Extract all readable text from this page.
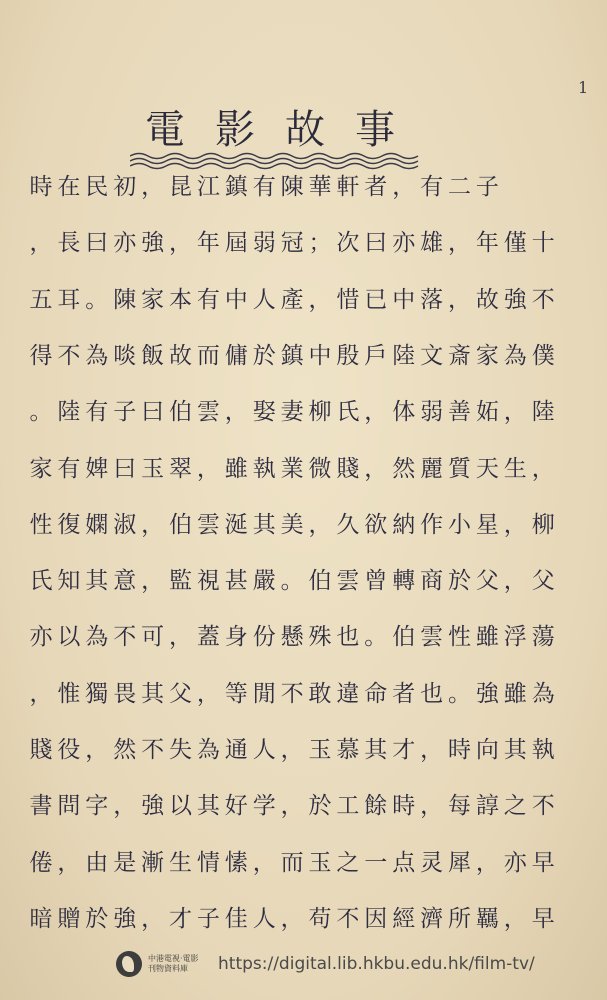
1
電 影 故 事
時 在 民 初 ， 昆 江 鎮 有 陳 華 軒 者 ， 有 二 子
， 長 曰 亦 強 ， 年 屆 弱 冠 ； 次 曰 亦 雄 ， 年 僅 十
五 耳 。 陳 家 本 有 中 人 產 ， 惜 已 中 落 ， 故 強 不
得 不 為 啖 飯 故 而 傭 於 鎮 中 殷 戶 陸 文 斎 家 為 僕
。 陸 有 子 曰 伯 雲 ， 娶 妻 柳 氏 ， 体 弱 善 妬 ， 陸
家 有 婢 曰 玉 翠 ， 雖 執 業 微 賤 ， 然 麗 質 天 生 ，
性 復 嫻 淑 ， 伯 雲 涎 其 美 ， 久 欲 納 作 小 星 ， 柳
氏 知 其 意 ， 監 視 甚 嚴 。 伯 雲 曾 轉 商 於 父 ， 父
亦 以 為 不 可 ， 蓋 身 份 懸 殊 也 。 伯 雲 性 雖 浮 蕩
， 惟 獨 畏 其 父 ， 等 閒 不 敢 違 命 者 也 。 強 雖 為
賤 役 ， 然 不 失 為 通 人 ， 玉 慕 其 才 ， 時 向 其 執
書 問 字 ， 強 以 其 好 学 ， 於 工 餘 時 ， 每 諄 之 不
倦 ， 由 是 漸 生 情 愫 ， 而 玉 之 一 点 灵 犀 ， 亦 早
暗 贈 於 強 ， 才 子 佳 人 ， 苟 不 因 經 濟 所 羈 ， 早
中港電視·電影
刊物資料庫	https://digital.lib.hkbu.edu.hk/film-tv/
